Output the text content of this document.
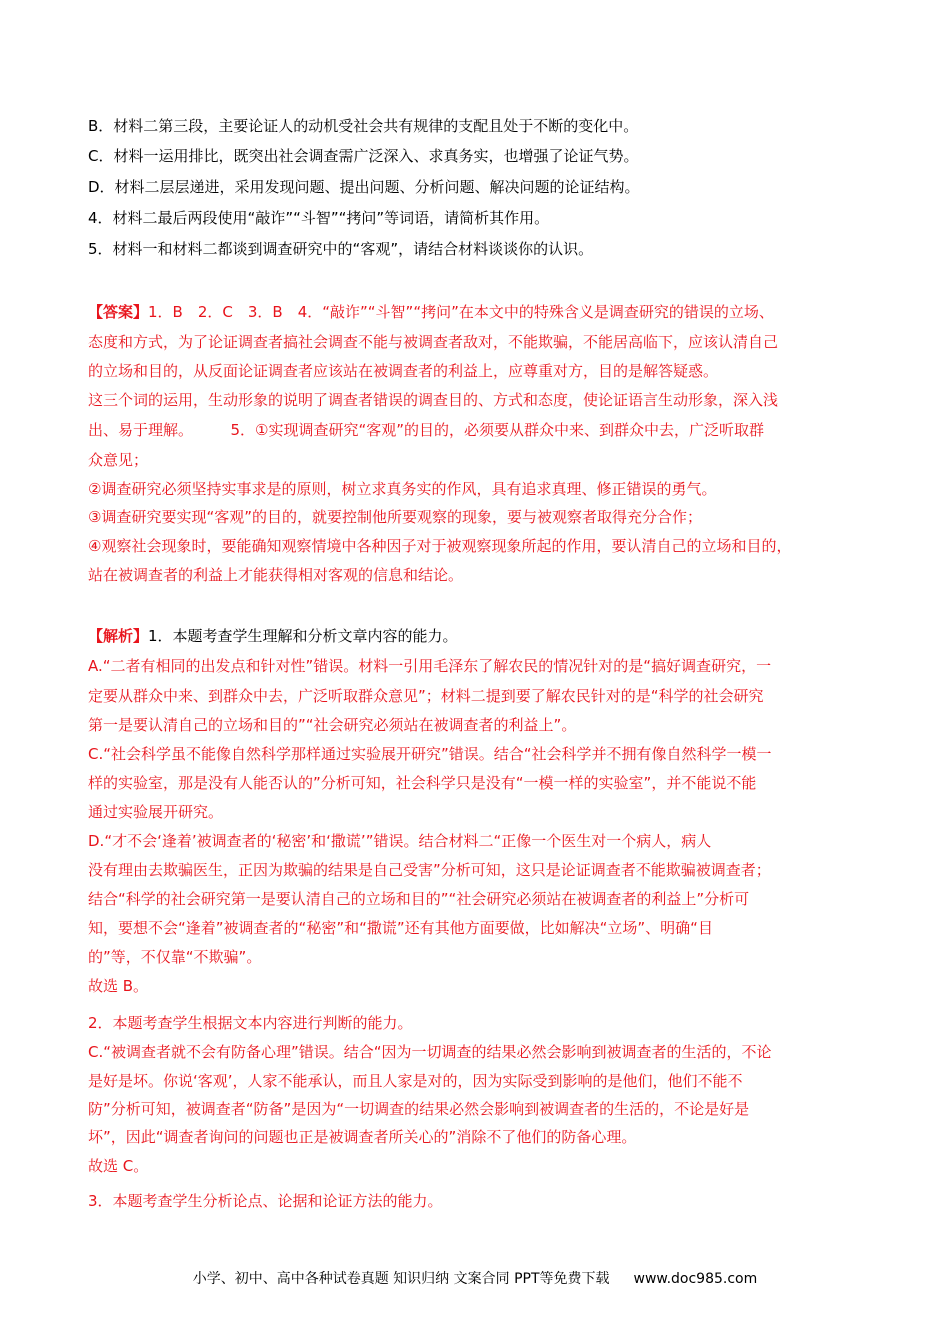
B．材料二第三段，主要论证人的动机受社会共有规律的支配且处于不断的变化中。
C．材料一运用排比，既突出社会调查需广泛深入、求真务实，也增强了论证气势。
D．材料二层层递进，采用发现问题、提出问题、分析问题、解决问题的论证结构。
4．材料二最后两段使用“敲诈”“斗智”“拷问”等词语，请简析其作用。
5．材料一和材料二都谈到调查研究中的“客观”，请结合材料谈谈你的认识。
【答案】1．B　2．C　3．B　4．“敲诈”“斗智”“拷问”在本文中的特殊含义是调查研究的错误的立场、
态度和方式，为了论证调查者搞社会调查不能与被调查者敌对，不能欺骗，不能居高临下，应该认清自己
的立场和目的，从反面论证调查者应该站在被调查者的利益上，应尊重对方，目的是解答疑惑。
这三个词的运用，生动形象的说明了调查者错误的调查目的、方式和态度，使论证语言生动形象，深入浅
出、易于理解。　　　5．①实现调查研究“客观”的目的，必须要从群众中来、到群众中去，广泛听取群
众意见；
②调查研究必须坚持实事求是的原则，树立求真务实的作风，具有追求真理、修正错误的勇气。
③调查研究要实现“客观”的目的，就要控制他所要观察的现象，要与被观察者取得充分合作；
④观察社会现象时，要能确知观察情境中各种因子对于被观察现象所起的作用，要认清自己的立场和目的，
站在被调查者的利益上才能获得相对客观的信息和结论。
【解析】1．本题考查学生理解和分析文章内容的能力。
A.“二者有相同的出发点和针对性”错误。材料一引用毛泽东了解农民的情况针对的是“搞好调查研究，一
定要从群众中来、到群众中去，广泛听取群众意见”；材料二提到要了解农民针对的是“科学的社会研究
第一是要认清自己的立场和目的”“社会研究必须站在被调查者的利益上”。
C.“社会科学虽不能像自然科学那样通过实验展开研究”错误。结合“社会科学并不拥有像自然科学一模一
样的实验室，那是没有人能否认的”分析可知，社会科学只是没有“一模一样的实验室”，并不能说不能
通过实验展开研究。
D.“才不会‘逢着’被调查者的‘秘密’和‘撒谎’”错误。结合材料二“正像一个医生对一个病人，病人
没有理由去欺骗医生，正因为欺骗的结果是自己受害”分析可知，这只是论证调查者不能欺骗被调查者；
结合“科学的社会研究第一是要认清自己的立场和目的”“社会研究必须站在被调查者的利益上”分析可
知，要想不会“逢着”被调查者的“秘密”和“撒谎”还有其他方面要做，比如解决“立场”、明确“目
的”等，不仅靠“不欺骗”。
故选 B。
2．本题考查学生根据文本内容进行判断的能力。
C.“被调查者就不会有防备心理”错误。结合“因为一切调查的结果必然会影响到被调查者的生活的，不论
是好是坏。你说‘客观’，人家不能承认，而且人家是对的，因为实际受到影响的是他们，他们不能不
防”分析可知，被调查者“防备”是因为“一切调查的结果必然会影响到被调查者的生活的，不论是好是
坏”，因此“调查者询问的问题也正是被调查者所关心的”消除不了他们的防备心理。
故选 C。
3．本题考查学生分析论点、论据和论证方法的能力。
小学、初中、高中各种试卷真题 知识归纳 文案合同 PPT等免费下载 www.doc985.com
